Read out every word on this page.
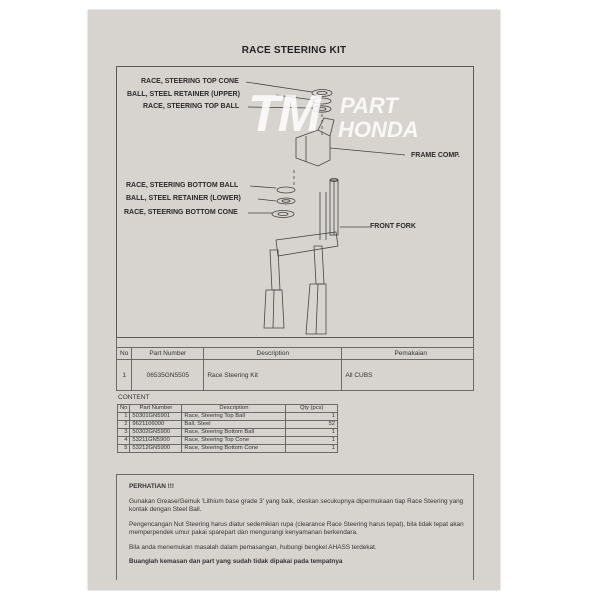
RACE STEERING KIT
TM PART
HONDA
RACE, STEERING TOP CONE
BALL, STEEL RETAINER (UPPER)
RACE, STEERING TOP BALL
FRAME COMP.
RACE, STEERING BOTTOM BALL
BALL, STEEL RETAINER (LOWER)
RACE, STEERING BOTTOM CONE
FRONT FORK
No	Part Number	Description	Pemakaian
1	06535GN5505	Race Steering Kit	All CUBS
CONTENT
No	Part Number	Description	Qty (pcs)
1	50301GN5901	Race, Steering Top Ball	1
2	9621106000	Ball, Steel	52
3	50302GN5900	Race, Steering Bottom Ball	1
4	53211GN5900	Race, Steering Top Cone	1
5	53212GN5900	Race, Steering Bottom Cone	1

PERHATIAN !!!

Gunakan Grease/Gemuk 'Lithium base grade 3' yang baik, oleskan secukupnya dipermukaan tiap Race Steering yang kontak dengan Steel Ball.

Pengencangan Nut Steering harus diatur sedemikian rupa (clearance Race Steering harus tepat), bila tidak tepat akan memperpendek umur pakai sparepart dan mengurangi kenyamanan berkendara.

Bila anda menemukan masalah dalam pemasangan, hubungi bengkel AHASS terdekat.

Buanglah kemasan dan part yang sudah tidak dipakai pada tempatnya
